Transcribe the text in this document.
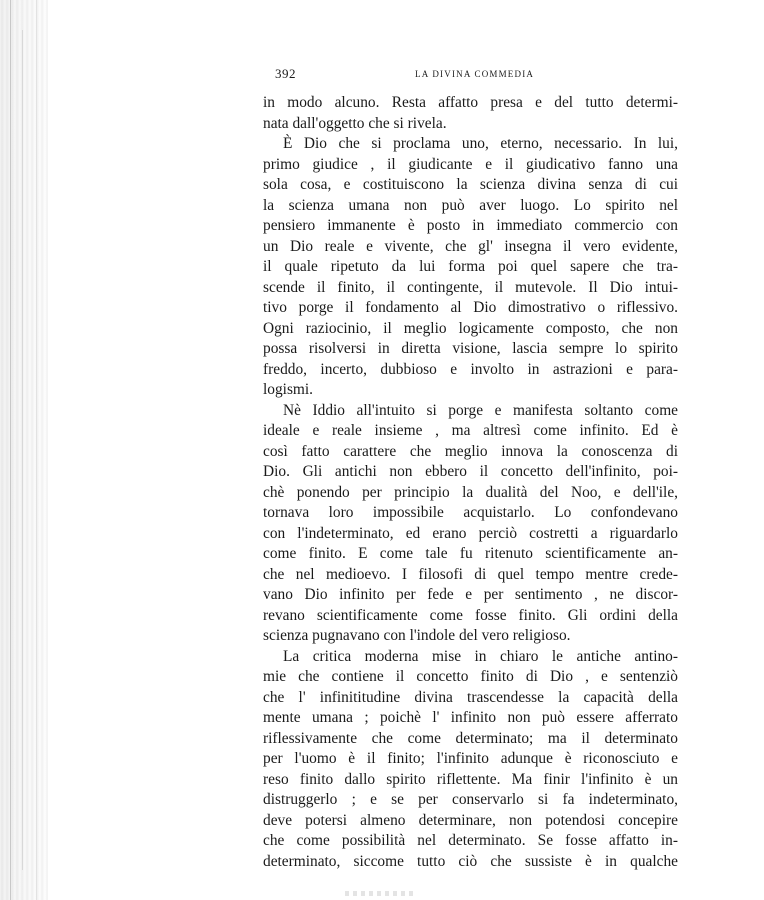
392	LA DIVINA COMMEDIA
in modo alcuno. Resta affatto presa e del tutto determi-
nata dall'oggetto che si rivela.
È Dio che si proclama uno, eterno, necessario. In lui,
primo giudice , il giudicante e il giudicativo fanno una
sola cosa, e costituiscono la scienza divina senza di cui
la scienza umana non può aver luogo. Lo spirito nel
pensiero immanente è posto in immediato commercio con
un Dio reale e vivente, che gl' insegna il vero evidente,
il quale ripetuto da lui forma poi quel sapere che tra-
scende il finito, il contingente, il mutevole. Il Dio intui-
tivo porge il fondamento al Dio dimostrativo o riflessivo.
Ogni raziocinio, il meglio logicamente composto, che non
possa risolversi in diretta visione, lascia sempre lo spirito
freddo, incerto, dubbioso e involto in astrazioni e para-
logismi.
Nè Iddio all'intuito si porge e manifesta soltanto come
ideale e reale insieme , ma altresì come infinito. Ed è
così fatto carattere che meglio innova la conoscenza di
Dio. Gli antichi non ebbero il concetto dell'infinito, poi-
chè ponendo per principio la dualità del Noo, e dell'ile,
tornava loro impossibile acquistarlo. Lo confondevano
con l'indeterminato, ed erano perciò costretti a riguardarlo
come finito. E come tale fu ritenuto scientificamente an-
che nel medioevo. I filosofi di quel tempo mentre crede-
vano Dio infinito per fede e per sentimento , ne discor-
revano scientificamente come fosse finito. Gli ordini della
scienza pugnavano con l'indole del vero religioso.
La critica moderna mise in chiaro le antiche antino-
mie che contiene il concetto finito di Dio , e sentenziò
che l' infinititudine divina trascendesse la capacità della
mente umana ; poichè l' infinito non può essere afferrato
riflessivamente che come determinato; ma il determinato
per l'uomo è il finito; l'infinito adunque è riconosciuto e
reso finito dallo spirito riflettente. Ma finir l'infinito è un
distruggerlo ; e se per conservarlo si fa indeterminato,
deve potersi almeno determinare, non potendosi concepire
che come possibilità nel determinato. Se fosse affatto in-
determinato, siccome tutto ciò che sussiste è in qualche
